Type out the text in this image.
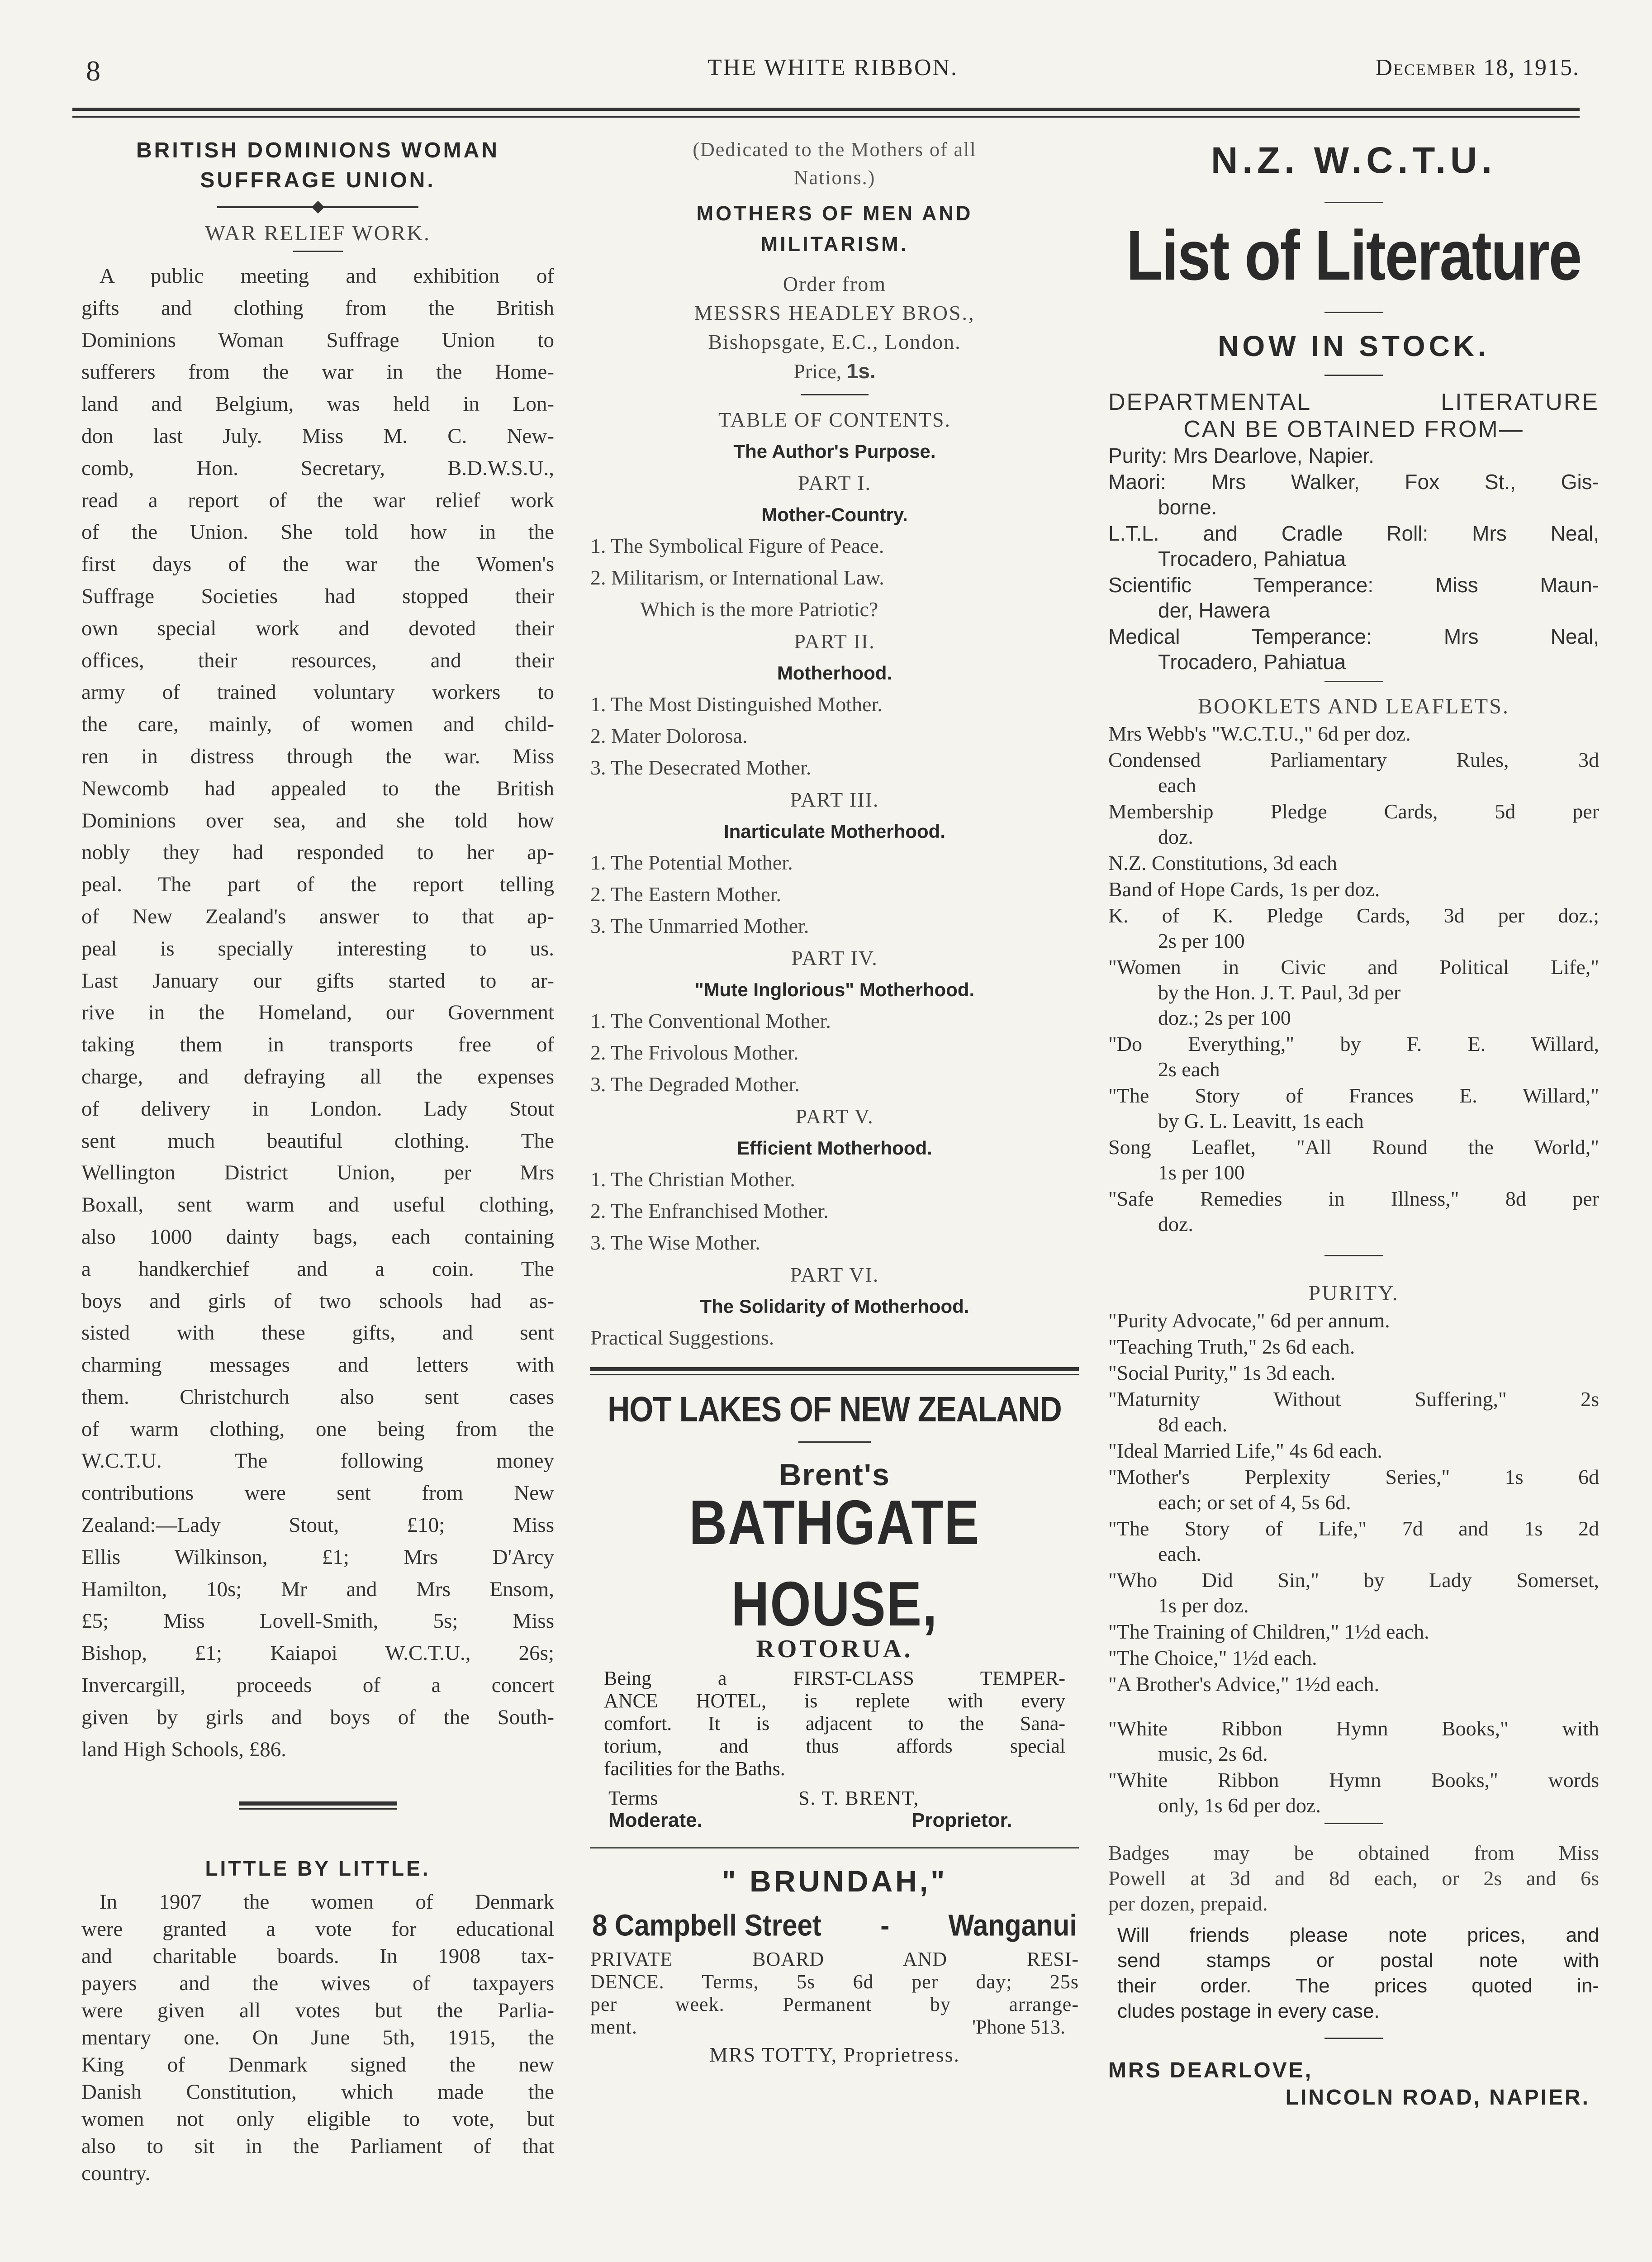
8	THE WHITE RIBBON.	December 18, 1915.
BRITISH DOMINIONS WOMAN SUFFRAGE UNION.
WAR RELIEF WORK.
A public meeting and exhibition of
gifts and clothing from the British
Dominions Woman Suffrage Union to
sufferers from the war in the Home-
land and Belgium, was held in Lon-
don last July. Miss M. C. New-
comb, Hon. Secretary, B.D.W.S.U.,
read a report of the war relief work
of the Union. She told how in the
first days of the war the Women's
Suffrage Societies had stopped their
own special work and devoted their
offices, their resources, and their
army of trained voluntary workers to
the care, mainly, of women and child-
ren in distress through the war. Miss
Newcomb had appealed to the British
Dominions over sea, and she told how
nobly they had responded to her ap-
peal. The part of the report telling
of New Zealand's answer to that ap-
peal is specially interesting to us.
Last January our gifts started to ar-
rive in the Homeland, our Government
taking them in transports free of
charge, and defraying all the expenses
of delivery in London. Lady Stout
sent much beautiful clothing. The
Wellington District Union, per Mrs
Boxall, sent warm and useful clothing,
also 1000 dainty bags, each containing
a handkerchief and a coin. The
boys and girls of two schools had as-
sisted with these gifts, and sent
charming messages and letters with
them. Christchurch also sent cases
of warm clothing, one being from the
W.C.T.U. The following money
contributions were sent from New
Zealand:—Lady Stout, £10; Miss
Ellis Wilkinson, £1; Mrs D'Arcy
Hamilton, 10s; Mr and Mrs Ensom,
£5; Miss Lovell-Smith, 5s; Miss
Bishop, £1; Kaiapoi W.C.T.U., 26s;
Invercargill, proceeds of a concert
given by girls and boys of the South-
land High Schools, £86.
LITTLE BY LITTLE.
In 1907 the women of Denmark
were granted a vote for educational
and charitable boards. In 1908 tax-
payers and the wives of taxpayers
were given all votes but the Parlia-
mentary one. On June 5th, 1915, the
King of Denmark signed the new
Danish Constitution, which made the
women not only eligible to vote, but
also to sit in the Parliament of that
country.
(Dedicated to the Mothers of all
Nations.)
MOTHERS OF MEN AND
MILITARISM.
Order from
MESSRS HEADLEY BROS.,
Bishopsgate, E.C., London.
Price, 1s.
TABLE OF CONTENTS.
The Author's Purpose.
PART I.
Mother-Country.
1. The Symbolical Figure of Peace.
2. Militarism, or International Law.
Which is the more Patriotic?
PART II.
Motherhood.
1. The Most Distinguished Mother.
2. Mater Dolorosa.
3. The Desecrated Mother.
PART III.
Inarticulate Motherhood.
1. The Potential Mother.
2. The Eastern Mother.
3. The Unmarried Mother.
PART IV.
"Mute Inglorious" Motherhood.
1. The Conventional Mother.
2. The Frivolous Mother.
3. The Degraded Mother.
PART V.
Efficient Motherhood.
1. The Christian Mother.
2. The Enfranchised Mother.
3. The Wise Mother.
PART VI.
The Solidarity of Motherhood.
Practical Suggestions.
HOT LAKES OF NEW ZEALAND
Brent's
BATHGATE HOUSE,
ROTORUA.
Being a FIRST-CLASS TEMPER-
ANCE HOTEL, is replete with every
comfort. It is adjacent to the Sana-
torium, and thus affords special
facilities for the Baths.
Terms
Moderate.
S. T. BRENT,
Proprietor.
" BRUNDAH,"
8 Campbell Street - Wanganui
PRIVATE BOARD AND RESI-
DENCE. Terms, 5s 6d per day; 25s
per week. Permanent by arrange-
ment.	'Phone 513.
MRS TOTTY, Proprietress.
N.Z. W.C.T.U.
List of Literature
NOW IN STOCK.
DEPARTMENTAL LITERATURE
CAN BE OBTAINED FROM—
Purity: Mrs Dearlove, Napier.
Maori: Mrs Walker, Fox St., Gis-
borne.
L.T.L. and Cradle Roll: Mrs Neal,
Trocadero, Pahiatua
Scientific Temperance: Miss Maun-
der, Hawera
Medical Temperance: Mrs Neal,
Trocadero, Pahiatua
BOOKLETS AND LEAFLETS.
Mrs Webb's "W.C.T.U.," 6d per doz.
Condensed Parliamentary Rules, 3d
each
Membership Pledge Cards, 5d per
doz.
N.Z. Constitutions, 3d each
Band of Hope Cards, 1s per doz.
K. of K. Pledge Cards, 3d per doz.;
2s per 100
"Women in Civic and Political Life,"
by the Hon. J. T. Paul, 3d per
doz.; 2s per 100
"Do Everything," by F. E. Willard,
2s each
"The Story of Frances E. Willard,"
by G. L. Leavitt, 1s each
Song Leaflet, "All Round the World,"
1s per 100
"Safe Remedies in Illness," 8d per
doz.
PURITY.
"Purity Advocate," 6d per annum.
"Teaching Truth," 2s 6d each.
"Social Purity," 1s 3d each.
"Maturnity Without Suffering," 2s
8d each.
"Ideal Married Life," 4s 6d each.
"Mother's Perplexity Series," 1s 6d
each; or set of 4, 5s 6d.
"The Story of Life," 7d and 1s 2d
each.
"Who Did Sin," by Lady Somerset,
1s per doz.
"The Training of Children," 1½d each.
"The Choice," 1½d each.
"A Brother's Advice," 1½d each.
"White Ribbon Hymn Books," with
music, 2s 6d.
"White Ribbon Hymn Books," words
only, 1s 6d per doz.
Badges may be obtained from Miss
Powell at 3d and 8d each, or 2s and 6s
per dozen, prepaid.
Will friends please note prices, and
send stamps or postal note with
their order. The prices quoted in-
cludes postage in every case.
MRS DEARLOVE,
LINCOLN ROAD, NAPIER.
